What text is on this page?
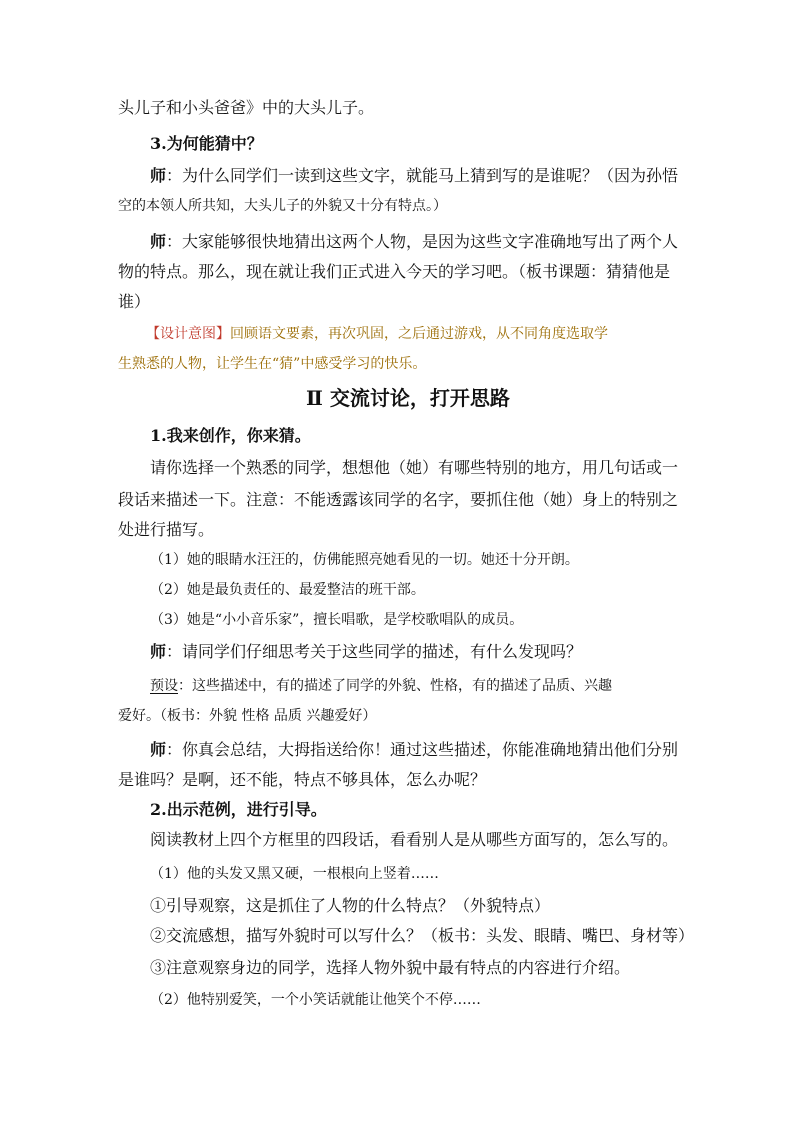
头儿子和小头爸爸》中的大头儿子。
3.为何能猜中？
师：为什么同学们一读到这些文字，就能马上猜到写的是谁呢？（因为孙悟
空的本领人所共知，大头儿子的外貌又十分有特点。）
师：大家能够很快地猜出这两个人物，是因为这些文字准确地写出了两个人
物的特点。那么，现在就让我们正式进入今天的学习吧。（板书课题：猜猜他是
谁）
【设计意图】回顾语文要素，再次巩固，之后通过游戏，从不同角度选取学
生熟悉的人物，让学生在“猜”中感受学习的快乐。
Ⅱ 交流讨论，打开思路
1.我来创作，你来猜。
请你选择一个熟悉的同学，想想他（她）有哪些特别的地方，用几句话或一
段话来描述一下。注意：不能透露该同学的名字，要抓住他（她）身上的特别之
处进行描写。
（1）她的眼睛水汪汪的，仿佛能照亮她看见的一切。她还十分开朗。
（2）她是最负责任的、最爱整洁的班干部。
（3）她是“小小音乐家”，擅长唱歌，是学校歌唱队的成员。
师：请同学们仔细思考关于这些同学的描述，有什么发现吗？
预设：这些描述中，有的描述了同学的外貌、性格，有的描述了品质、兴趣
爱好。（板书：外貌 性格 品质 兴趣爱好）
师：你真会总结，大拇指送给你！通过这些描述，你能准确地猜出他们分别
是谁吗？是啊，还不能，特点不够具体，怎么办呢？
2.出示范例，进行引导。
阅读教材上四个方框里的四段话，看看别人是从哪些方面写的，怎么写的。
（1）他的头发又黑又硬，一根根向上竖着……
①引导观察，这是抓住了人物的什么特点？（外貌特点）
②交流感想，描写外貌时可以写什么？（板书：头发、眼睛、嘴巴、身材等）
③注意观察身边的同学，选择人物外貌中最有特点的内容进行介绍。
（2）他特别爱笑，一个小笑话就能让他笑个不停……
